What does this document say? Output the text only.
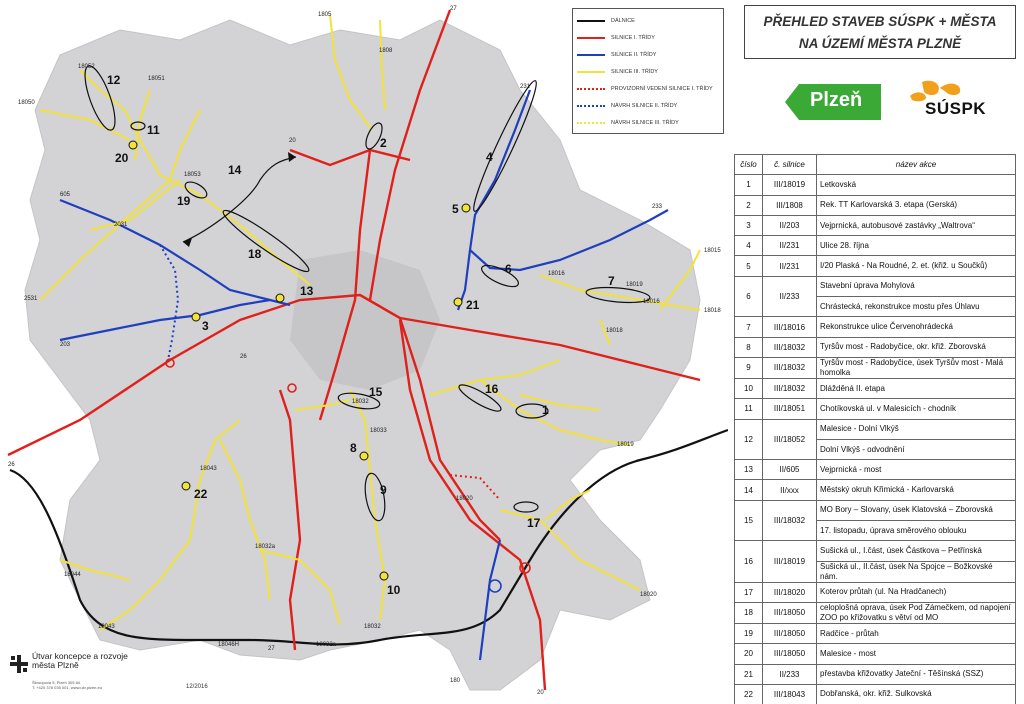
1
2
3
4
5
6
7
8
9
10
11
12
13
14
15	16
17
18
19
20
21
22
1805
27
1808
18052
18051
18050
231
20
605
18053
2031
233
18016
18015
18019
2531
18018
203
26
18016
18018
18032
18033
18019
26
18043
18020
18032a
18044
18043
18046H
27
18032a
180
20
18020
18032
DÁLNICE
SILNICE I. TŘÍDY
SILNICE II. TŘÍDY
SILNICE III. TŘÍDY
PROVIZORNÍ VEDENÍ SILNICE I. TŘÍDY
NÁVRH SILNICE II. TŘÍDY
NÁVRH SILNICE III. TŘÍDY
Útvar koncepce a rozvoje
města Plzně
Škroupova 5, Plzeň 305 84
T: +420 378 035 001, www.ukr.plzen.eu	12/2016
PŘEHLED STAVEB SÚSPK + MĚSTA
NA ÚZEMÍ MĚSTA PLZNĚ
Plzeň	SÚSPK
číslo	č. silnice	název akce
1	III/18019	Letkovská
2	III/1808	Rek. TT Karlovarská 3. etapa (Gerská)
3	II/203	Vejprnická, autobusové zastávky „Waltrova“
4	II/231	Ulice 28. října
5	II/231	I/20 Plaská - Na Roudné, 2. et. (křiž. u Součků)
6	II/233	Stavební úprava Mohylová
		Chrástecká, rekonstrukce mostu přes Úhlavu
7	III/18016	Rekonstrukce ulice Červenohrádecká
8	III/18032	Tyršův most - Radobyčice, okr. křiž. Zborovská
9	III/18032	Tyršův most - Radobyčice, úsek Tyršův most - Malá homolka
10	III/18032	Dlážděná II. etapa
11	III/18051	Chotíkovská ul. v Malesicích - chodník
12	III/18052	Malesice - Dolní Vlkýš
		Dolní Vlkýš - odvodnění
13	II/605	Vejprnická - most
14	II/xxx	Městský okruh Křimická - Karlovarská
15	III/18032	MO Bory – Slovany, úsek Klatovská – Zborovská
		17. listopadu, úprava směrového oblouku
16	III/18019	Sušická ul., I.část, úsek Částkova – Petřínská
		Sušická ul., II.část, úsek Na Spojce – Božkovské nám.
17	III/18020	Koterov průtah (ul. Na Hradčanech)
18	III/18050	celoplošná oprava, úsek Pod Zámečkem, od napojení ZOO po křižovatku s větví od MO
19	III/18050	Radčice - průtah
20	III/18050	Malesice - most
21	II/233	přestavba křižovatky Jateční - Těšínská (SSZ)
22	III/18043	Dobřanská, okr. křiž. Sulkovská
